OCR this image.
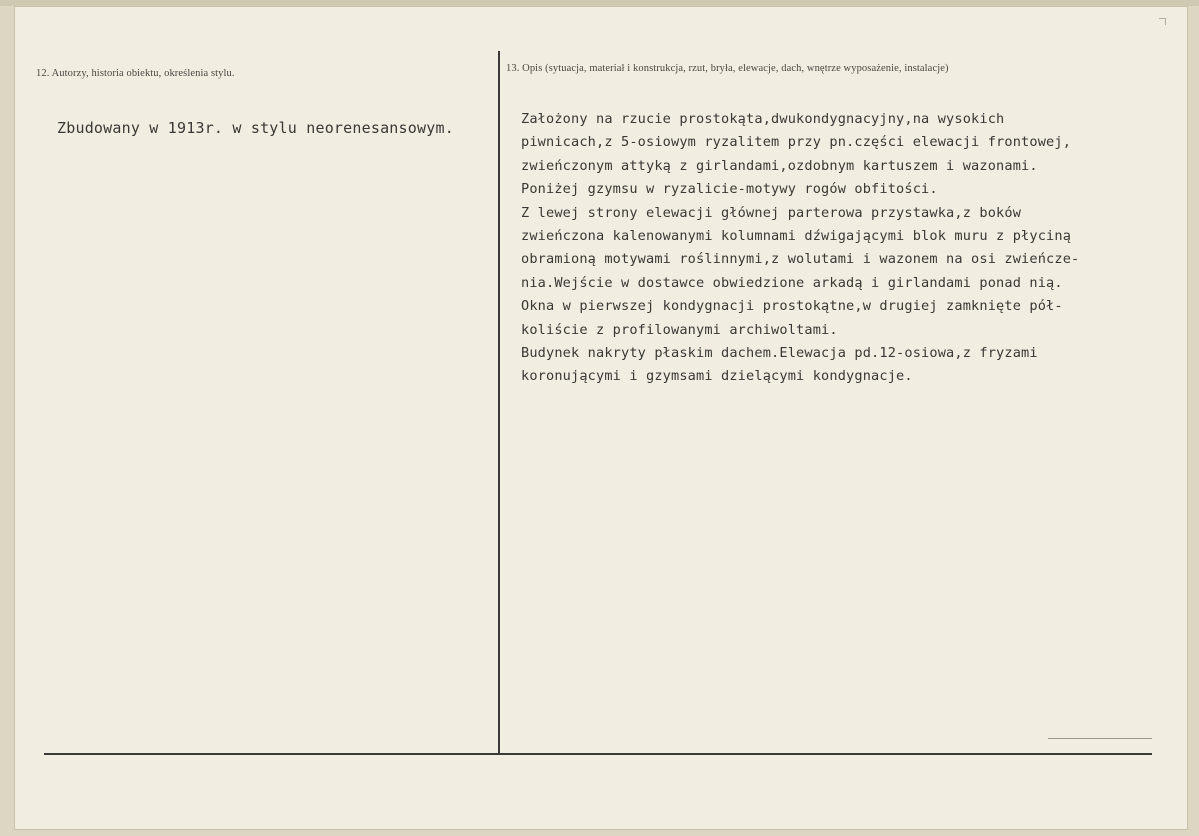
12. Autorzy, historia obiektu, określenia stylu.	13. Opis (sytuacja, materiał i konstrukcja, rzut, bryła, elewacje, dach, wnętrze wyposażenie, instalacje)
Zbudowany w 1913r. w stylu neorenesansowym.	Założony na rzucie prostokąta,dwukondygnacyjny,na wysokich
piwnicach,z 5-osiowym ryzalitem przy pn.części elewacji frontowej,
zwieńczonym attyką z girlandami,ozdobnym kartuszem i wazonami.
Poniżej gzymsu w ryzalicie-motywy rogów obfitości.
Z lewej strony elewacji głównej parterowa przystawka,z boków
zwieńczona kalenowanymi kolumnami dźwigającymi blok muru z płyciną
obramioną motywami roślinnymi,z wolutami i wazonem na osi zwieńcze-
nia.Wejście w dostawce obwiedzione arkadą i girlandami ponad nią.
Okna w pierwszej kondygnacji prostokątne,w drugiej zamknięte pół-
koliście z profilowanymi archiwoltami.
Budynek nakryty płaskim dachem.Elewacja pd.12-osiowa,z fryzami
koronującymi i gzymsami dzielącymi kondygnacje.
